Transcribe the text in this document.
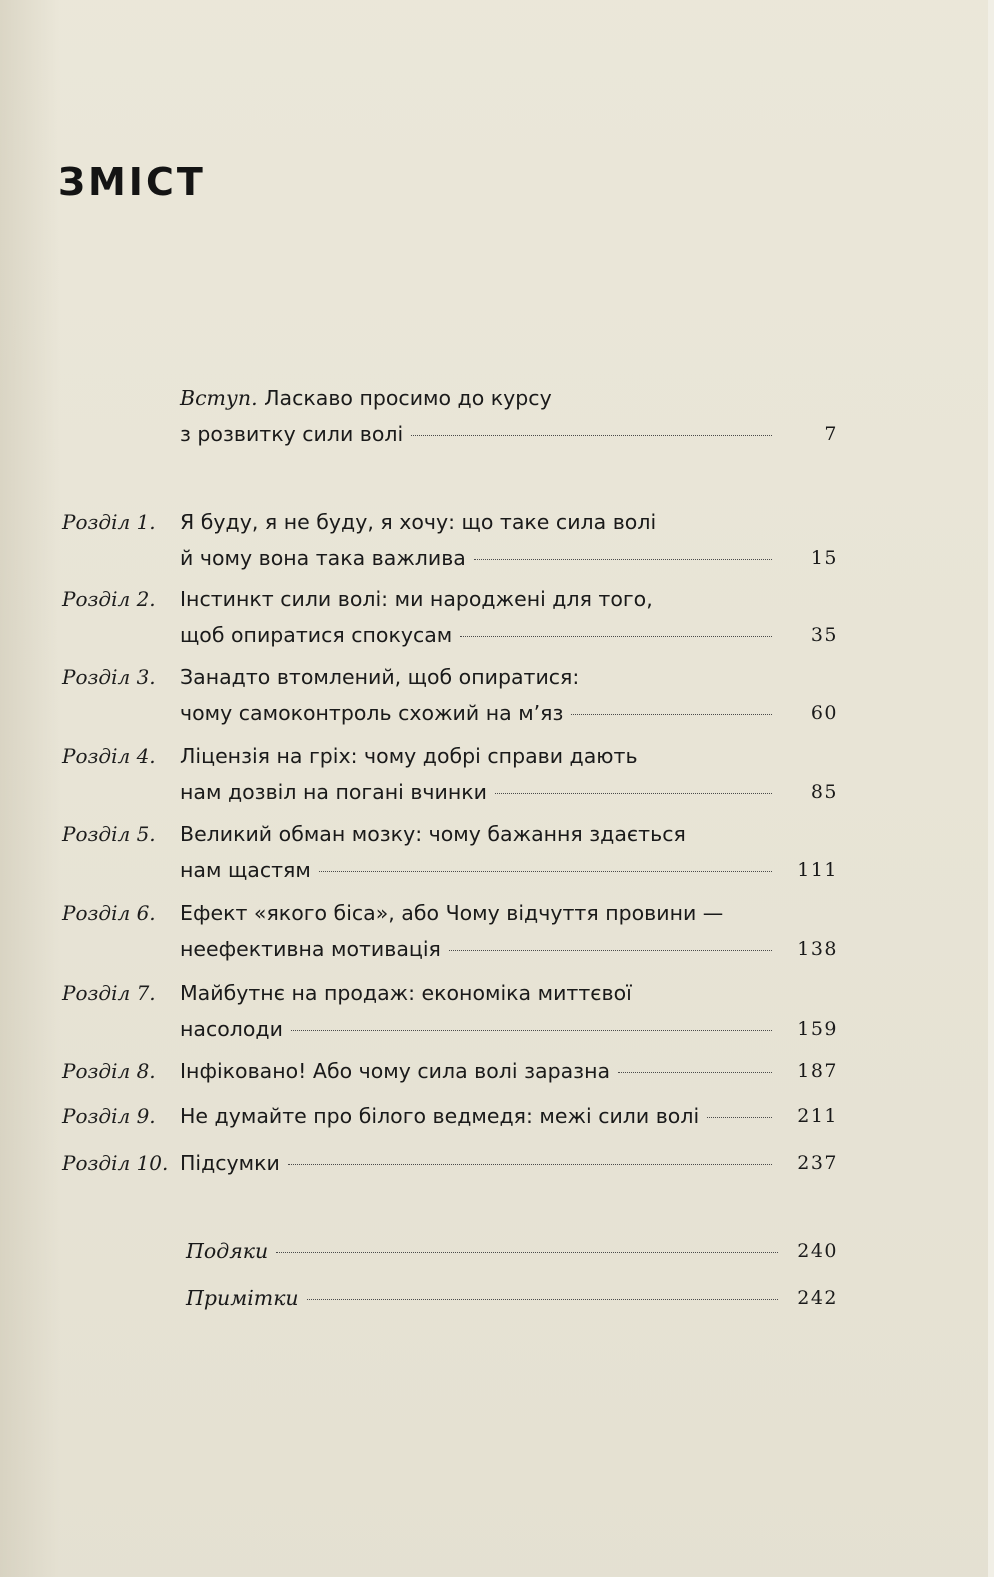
ЗМІСТ
Вступ. Ласкаво просимо до курсу
з розвитку сили волі	7
Розділ 1. Я буду, я не буду, я хочу: що таке сила волі
й чому вона така важлива	15
Розділ 2. Інстинкт сили волі: ми народжені для того,
щоб опиратися спокусам	35
Розділ 3. Занадто втомлений, щоб опиратися:
чому самоконтроль схожий на м’яз	60
Розділ 4. Ліцензія на гріх: чому добрі справи дають
нам дозвіл на погані вчинки	85
Розділ 5. Великий обман мозку: чому бажання здається
нам щастям	111
Розділ 6. Ефект «якого біса», або Чому відчуття провини —
неефективна мотивація	138
Розділ 7. Майбутнє на продаж: економіка миттєвої
насолоди	159
Розділ 8. Інфіковано! Або чому сила волі заразна	187
Розділ 9. Не думайте про білого ведмедя: межі сили волі	211
Розділ 10. Підсумки	237
Подяки	240
Примітки	242
